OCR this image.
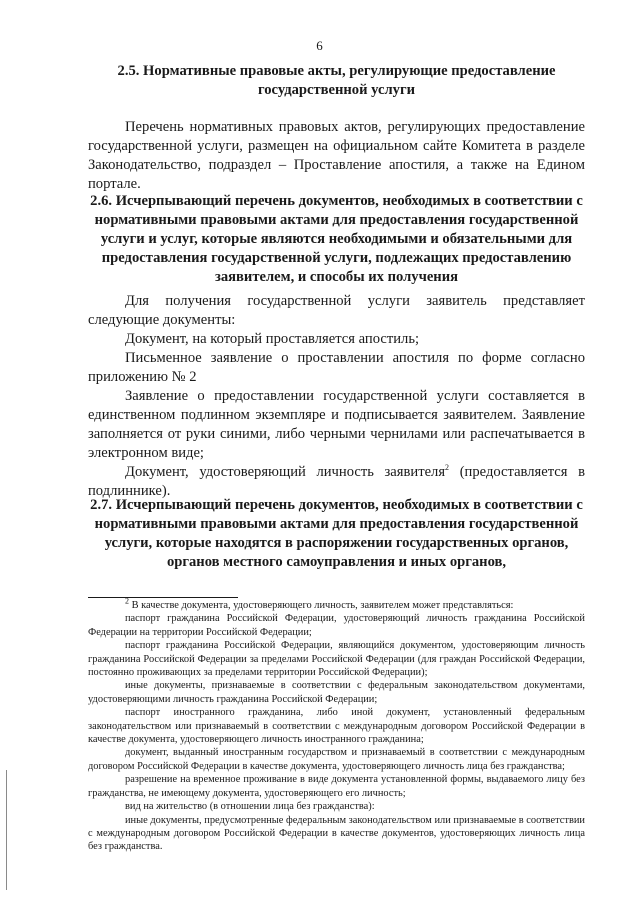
6
2.5. Нормативные правовые акты, регулирующие предоставление государственной услуги

Перечень нормативных правовых актов, регулирующих предоставление государственной услуги, размещен на официальном сайте Комитета в разделе Законодательство, подраздел – Проставление апостиля, а также на Едином портале.

2.6. Исчерпывающий перечень документов, необходимых в соответствии с нормативными правовыми актами для предоставления государственной услуги и услуг, которые являются необходимыми и обязательными для предоставления государственной услуги, подлежащих предоставлению заявителем, и способы их получения

Для получения государственной услуги заявитель представляет следующие документы:

Документ, на который проставляется апостиль;

Письменное заявление о проставлении апостиля по форме согласно приложению № 2

Заявление о предоставлении государственной услуги составляется в единственном подлинном экземпляре и подписывается заявителем. Заявление заполняется от руки синими, либо черными чернилами или распечатывается в электронном виде;

Документ, удостоверяющий личность заявителя$^2$ (предоставляется в подлиннике).

2.7. Исчерпывающий перечень документов, необходимых в соответствии с нормативными правовыми актами для предоставления государственной услуги, которые находятся в распоряжении государственных органов, органов местного самоуправления и иных органов,

$^2$ В качестве документа, удостоверяющего личность, заявителем может представляться:

паспорт гражданина Российской Федерации, удостоверяющий личность гражданина Российской Федерации на территории Российской Федерации;

паспорт гражданина Российской Федерации, являющийся документом, удостоверяющим личность гражданина Российской Федерации за пределами Российской Федерации (для граждан Российской Федерации, постоянно проживающих за пределами территории Российской Федерации);

иные документы, признаваемые в соответствии с федеральным законодательством документами, удостоверяющими личность гражданина Российской Федерации;

паспорт иностранного гражданина, либо иной документ, установленный федеральным законодательством или признаваемый в соответствии с международным договором Российской Федерации в качестве документа, удостоверяющего личность иностранного гражданина;

документ, выданный иностранным государством и признаваемый в соответствии с международным договором Российской Федерации в качестве документа, удостоверяющего личность лица без гражданства;

разрешение на временное проживание в виде документа установленной формы, выдаваемого лицу без гражданства, не имеющему документа, удостоверяющего его личность;

вид на жительство (в отношении лица без гражданства):

иные документы, предусмотренные федеральным законодательством или признаваемые в соответствии с международным договором Российской Федерации в качестве документов, удостоверяющих личность лица без гражданства.
